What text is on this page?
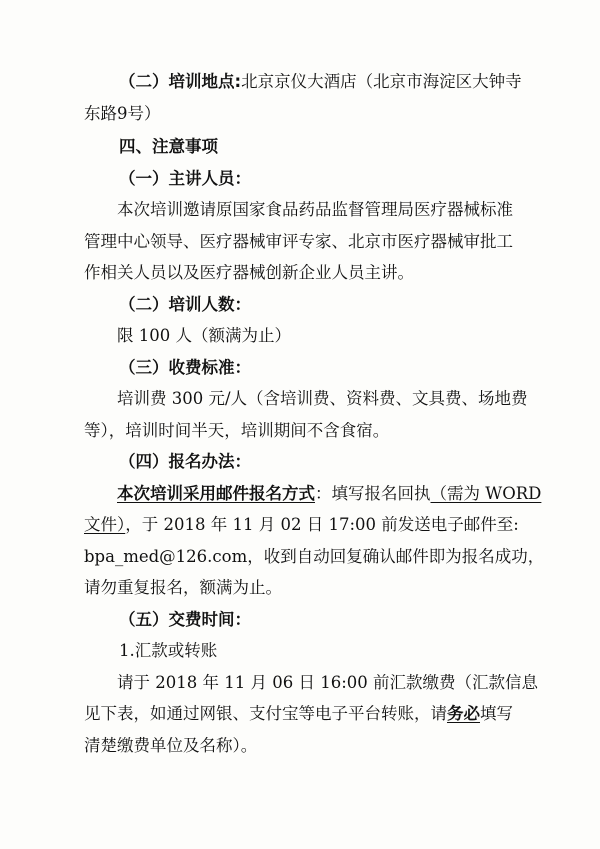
（二）培训地点:北京京仪大酒店（北京市海淀区大钟寺
东路9号）
四、注意事项
（一）主讲人员：
本次培训邀请原国家食品药品监督管理局医疗器械标准
管理中心领导、医疗器械审评专家、北京市医疗器械审批工
作相关人员以及医疗器械创新企业人员主讲。
（二）培训人数：
限 100 人（额满为止）
（三）收费标准：
培训费 300 元/人（含培训费、资料费、文具费、场地费
等），培训时间半天，培训期间不含食宿。
（四）报名办法：
本次培训采用邮件报名方式：填写报名回执（需为 WORD
文件），于 2018 年 11 月 02 日 17:00 前发送电子邮件至:
bpa_med@126.com，收到自动回复确认邮件即为报名成功，
请勿重复报名，额满为止。
（五）交费时间：
1.汇款或转账
请于 2018 年 11 月 06 日 16:00 前汇款缴费（汇款信息
见下表，如通过网银、支付宝等电子平台转账，请务必填写
清楚缴费单位及名称）。
